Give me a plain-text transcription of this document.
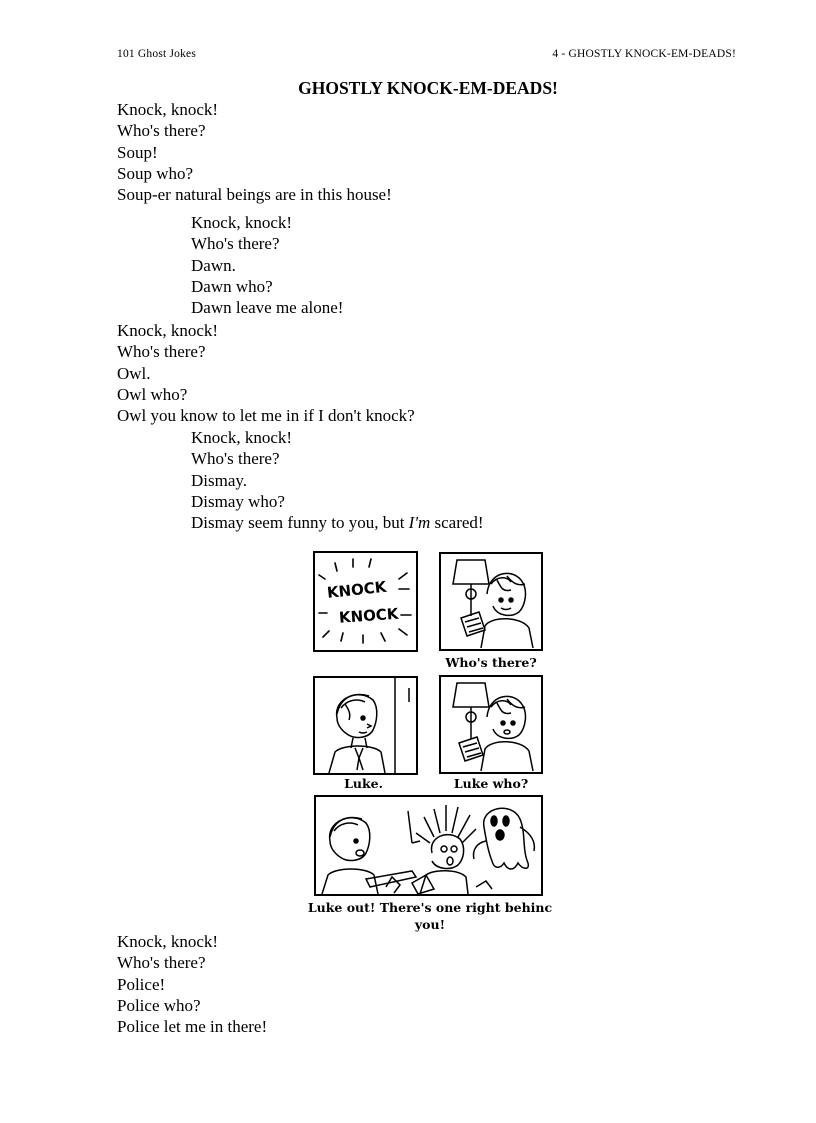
101 Ghost Jokes	4 - GHOSTLY KNOCK-EM-DEADS!
GHOSTLY KNOCK-EM-DEADS!
Knock, knock!
Who's there?
Soup!
Soup who?
Soup-er natural beings are in this house!
Knock, knock!
Who's there?
Dawn.
Dawn who?
Dawn leave me alone!
Knock, knock!
Who's there?
Owl.
Owl who?
Owl you know to let me in if I don't knock?
Knock, knock!
Who's there?
Dismay.
Dismay who?
Dismay seem funny to you, but I'm scared!
KNOCK
KNOCK
Who's there?
Luke.	Luke who?
Luke out! There's one right behinc
you!
Knock, knock!
Who's there?
Police!
Police who?
Police let me in there!
